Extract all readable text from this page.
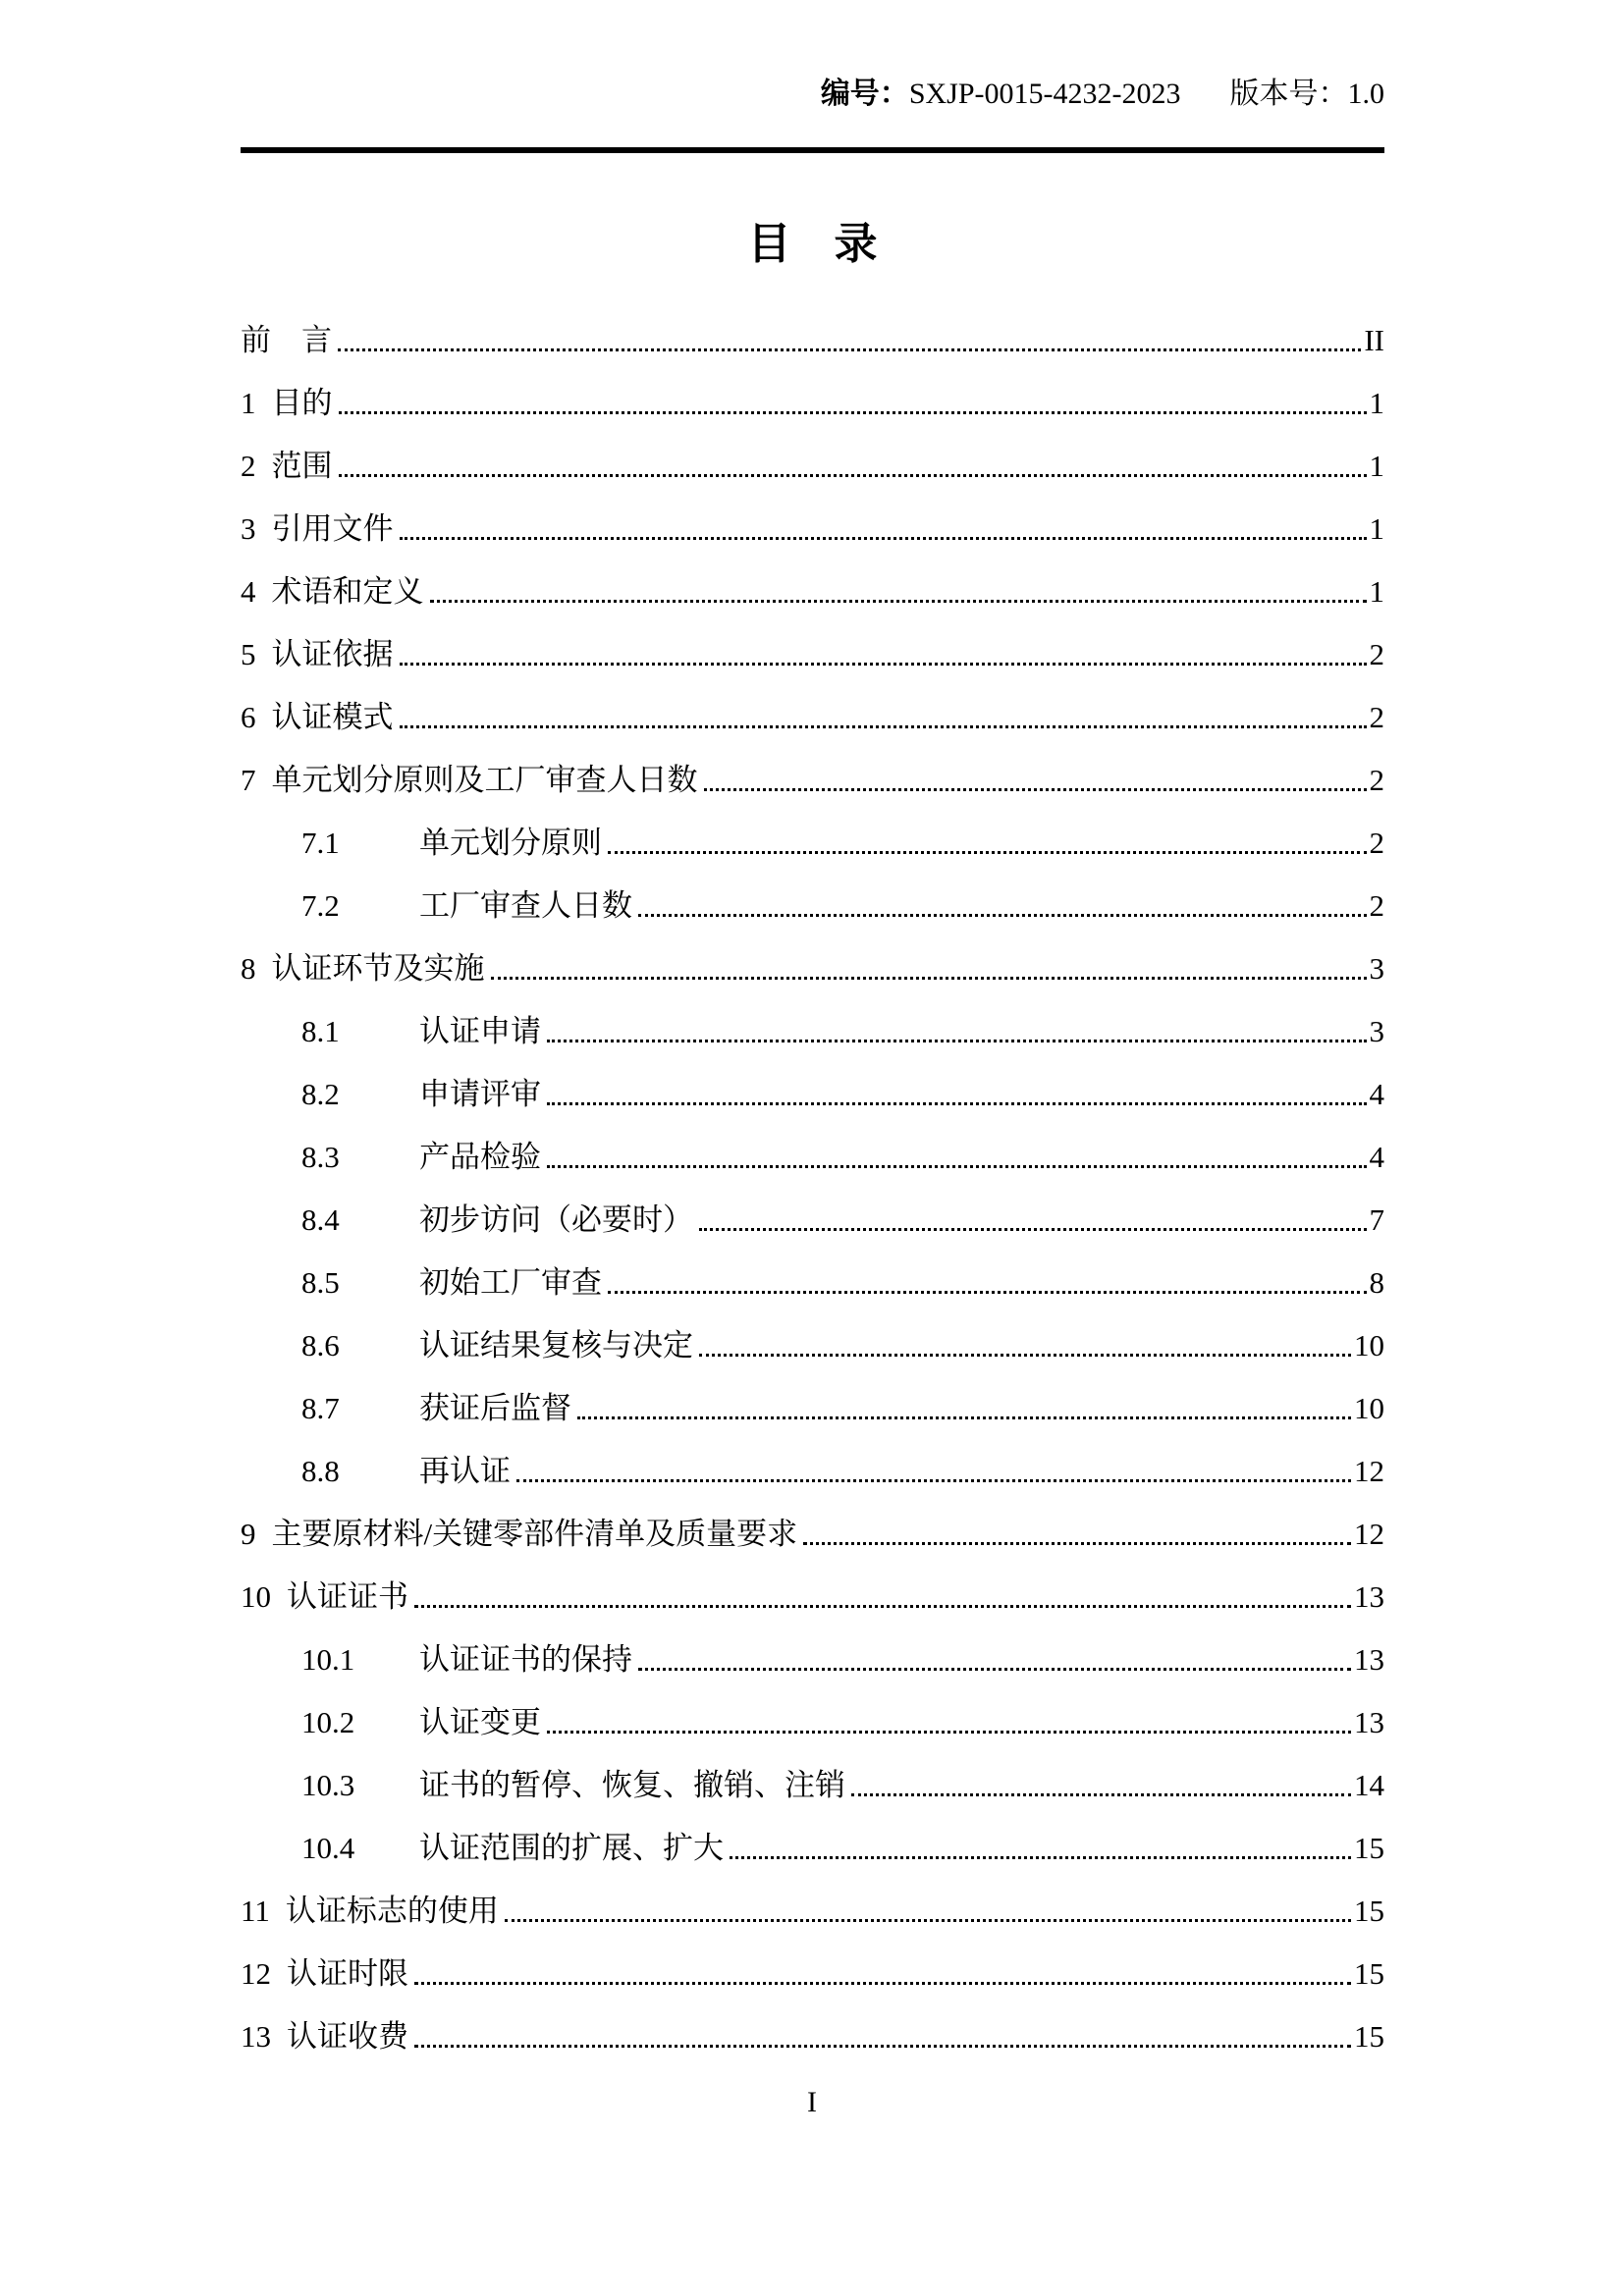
编号：SXJP-0015-4232-2023 版本号：1.0
目　录
前　言	II
1 目的	1
2 范围	1
3 引用文件	1
4 术语和定义	1
5 认证依据	2
6 认证模式	2
7 单元划分原则及工厂审查人日数	2
7.1	单元划分原则	2
7.2	工厂审查人日数	2
8 认证环节及实施	3
8.1	认证申请	3
8.2	申请评审	4
8.3	产品检验	4
8.4	初步访问（必要时）	7
8.5	初始工厂审查	8
8.6	认证结果复核与决定	10
8.7	获证后监督	10
8.8	再认证	12
9 主要原材料/关键零部件清单及质量要求	12
10 认证证书	13
10.1	认证证书的保持	13
10.2	认证变更	13
10.3	证书的暂停、恢复、撤销、注销	14
10.4	认证范围的扩展、扩大	15
11 认证标志的使用	15
12 认证时限	15
13 认证收费	15
I
